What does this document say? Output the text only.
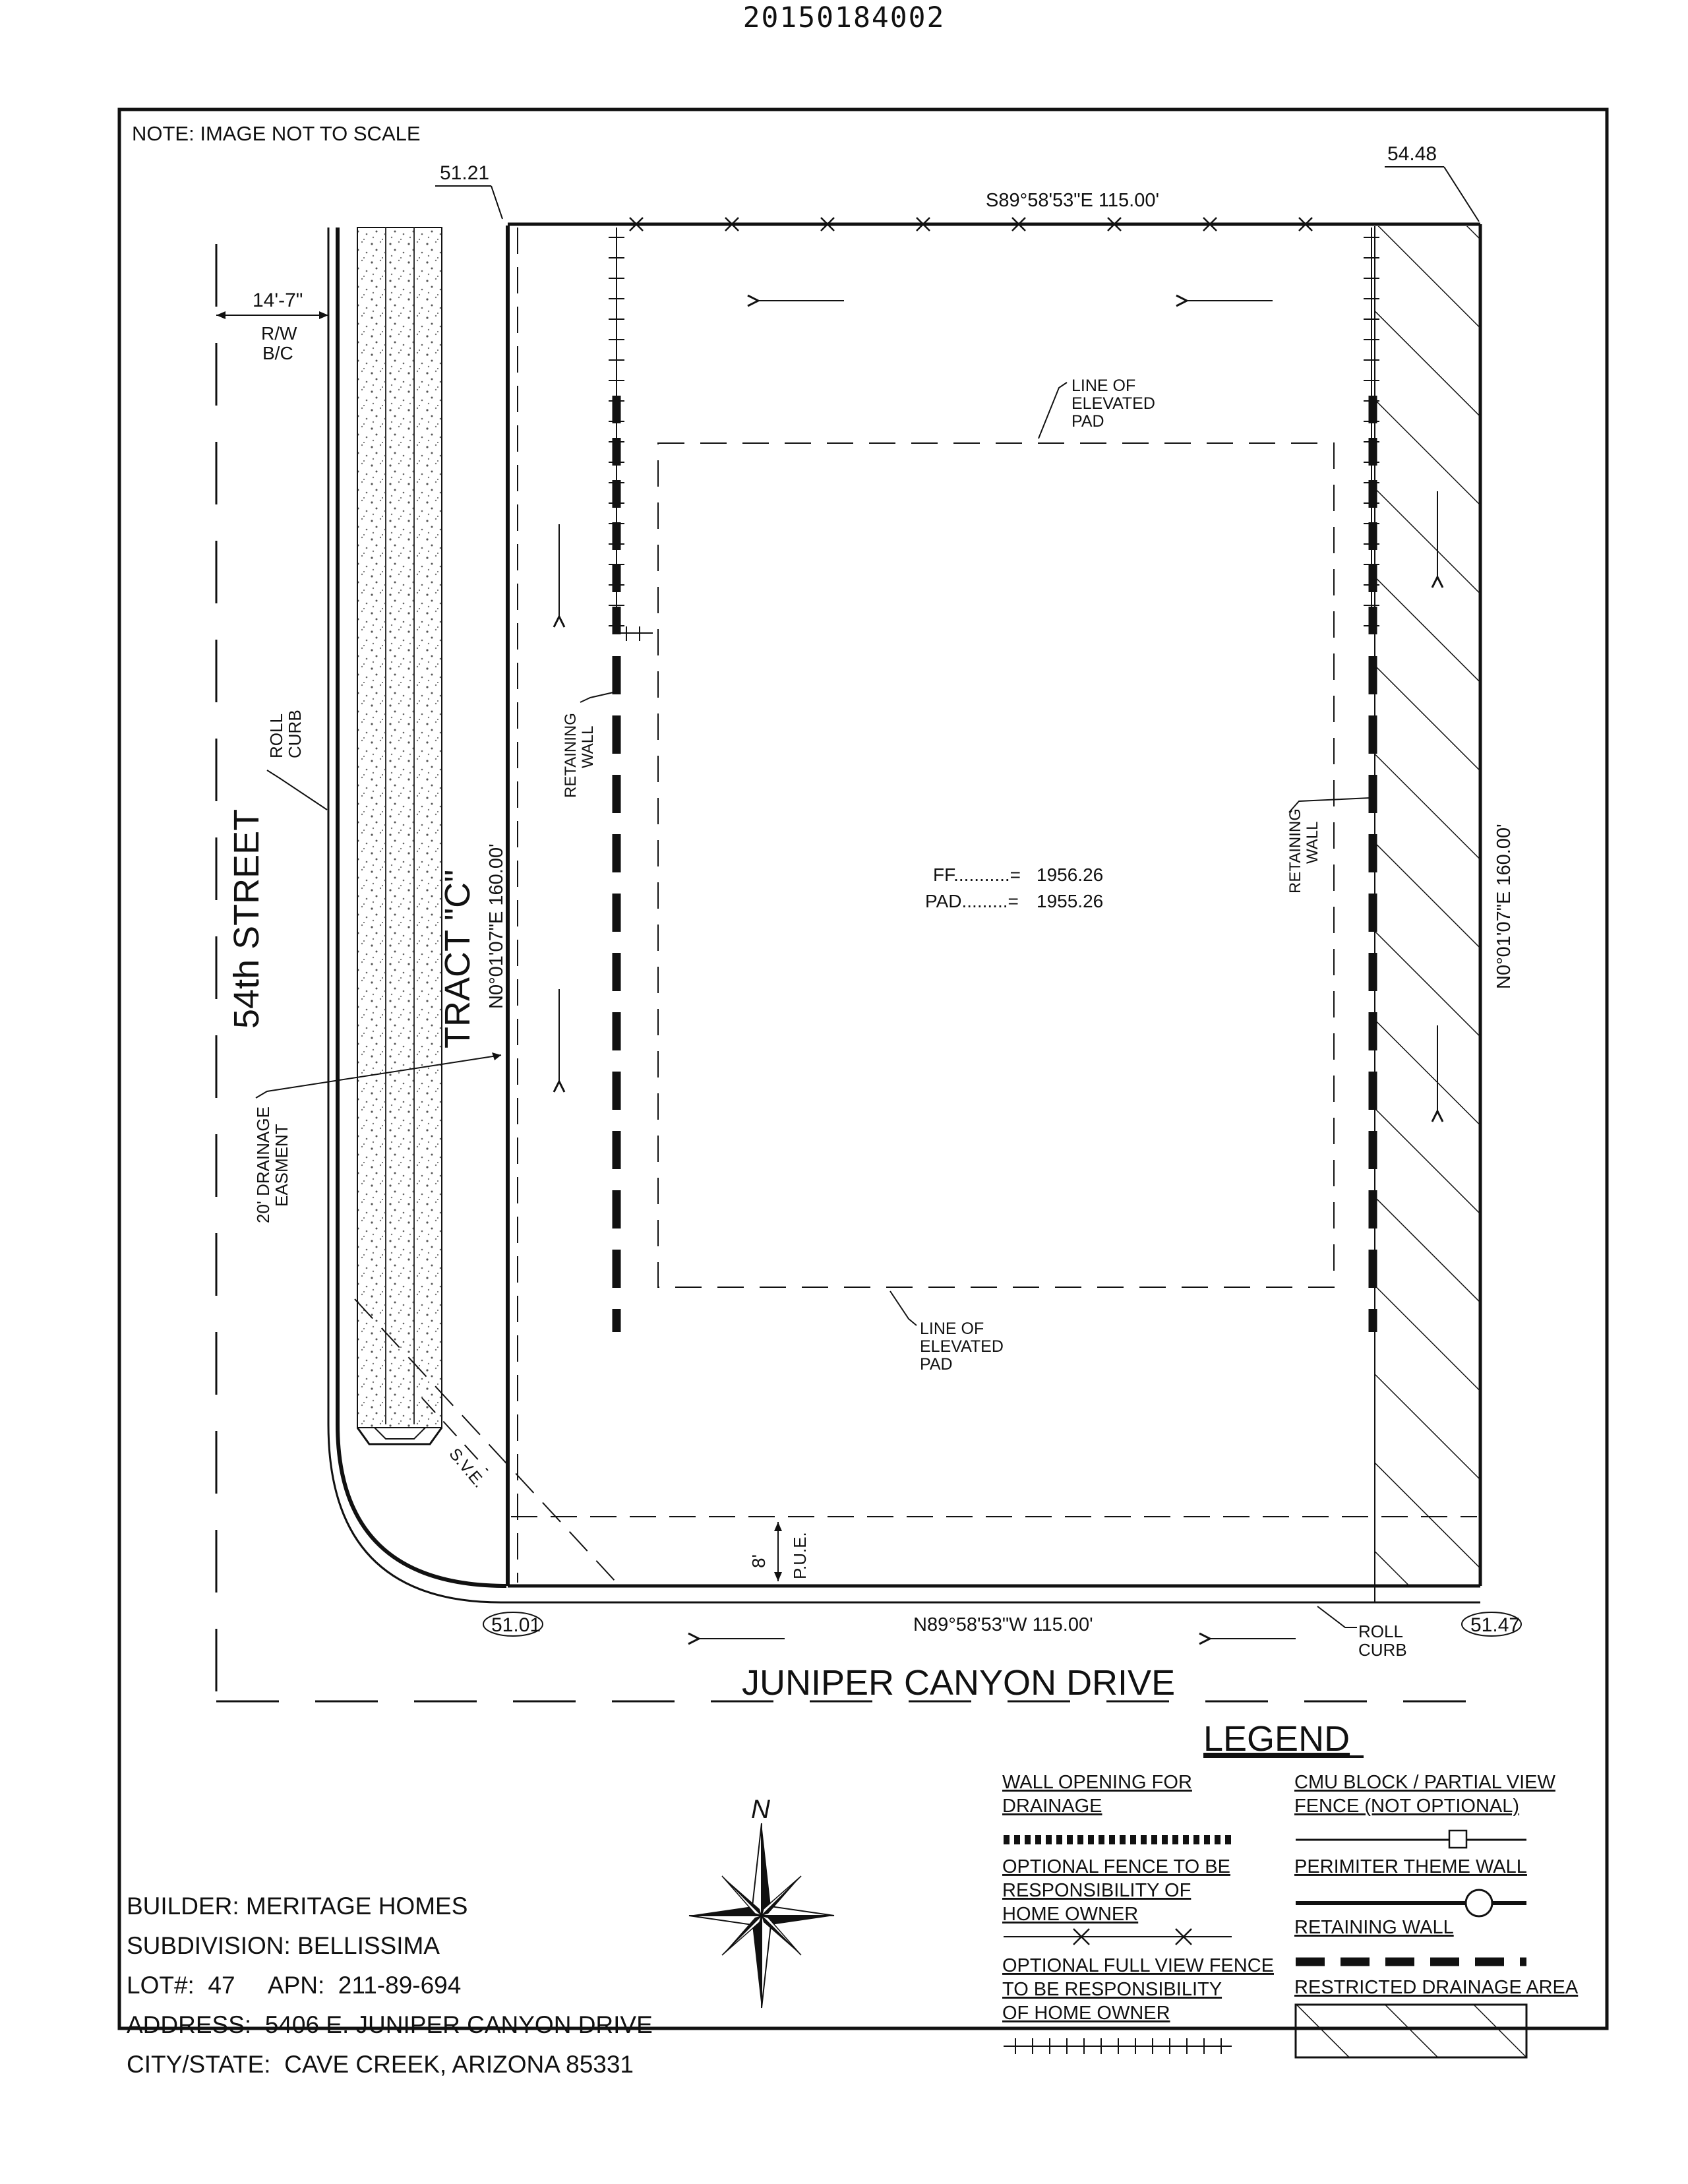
20150184002
NOTE: IMAGE NOT TO SCALE
14'-7"
R/W
B/C
51.21
54.48
51.01	51.47
S89°58'53"E 115.00'
N89°58'53"W 115.00'
N0°01'07"E 160.00'	N0°01'07"E 160.00'
54th STREET	TRACT "C"
JUNIPER CANYON DRIVE
ROLL
CURB
20' DRAINAGE
EASMENT
RETAINING WALL
RETAINING WALL
LINE OF
ELEVATED
PAD
LINE OF
ELEVATED
PAD
FF...........= 1956.26
PAD.........= 1955.26
S.V.E.
8' P.U.E.
ROLL
CURB
LEGEND
WALL OPENING FOR
DRAINAGE
OPTIONAL FENCE TO BE
RESPONSIBILITY OF
HOME OWNER
OPTIONAL FULL VIEW FENCE
TO BE RESPONSIBILITY
OF HOME OWNER
CMU BLOCK / PARTIAL VIEW
FENCE (NOT OPTIONAL)
PERIMITER THEME WALL
RETAINING WALL
RESTRICTED DRAINAGE AREA
N
BUILDER: MERITAGE HOMES
SUBDIVISION: BELLISSIMA
LOT#:  47     APN:  211-89-694
ADDRESS:  5406 E. JUNIPER CANYON DRIVE
CITY/STATE:  CAVE CREEK, ARIZONA 85331
